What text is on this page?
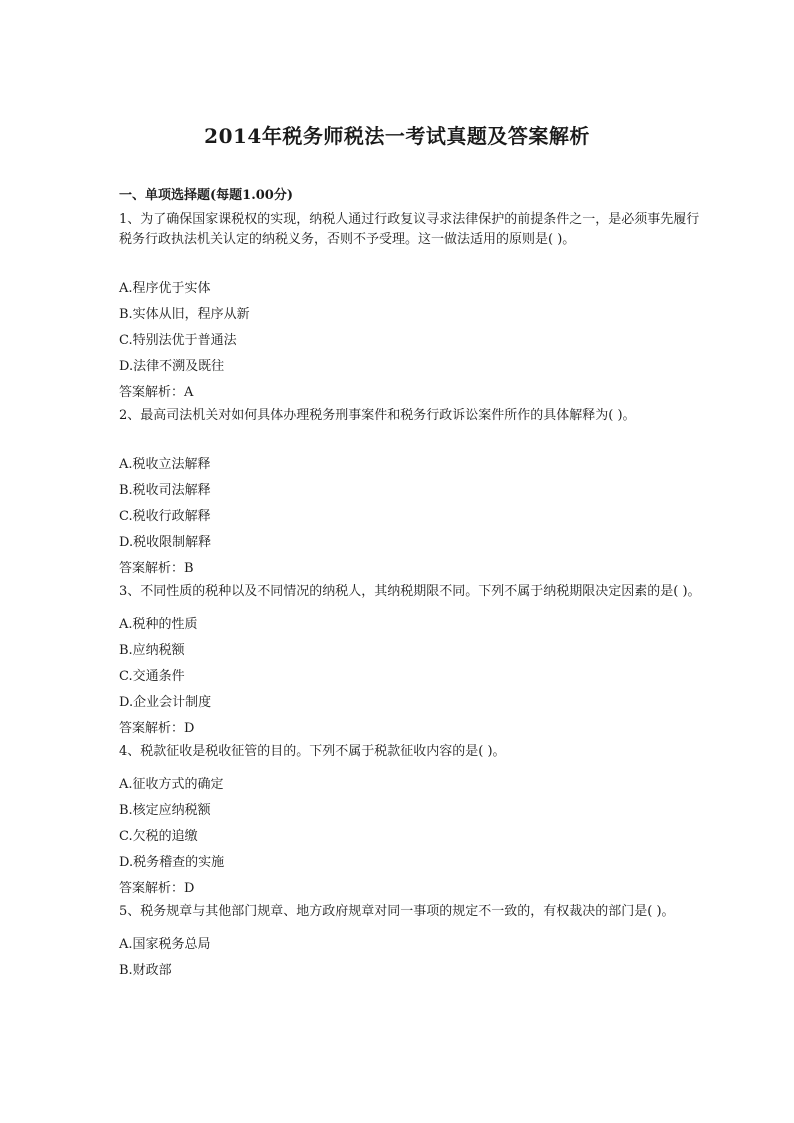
2014年税务师税法一考试真题及答案解析
一、单项选择题(每题1.00分)

1、为了确保国家课税权的实现，纳税人通过行政复议寻求法律保护的前提条件之一，是必须事先履行税务行政执法机关认定的纳税义务，否则不予受理。这一做法适用的原则是( )。

A.程序优于实体

B.实体从旧，程序从新

C.特别法优于普通法

D.法律不溯及既往

答案解析：A

2、最高司法机关对如何具体办理税务刑事案件和税务行政诉讼案件所作的具体解释为( )。

A.税收立法解释

B.税收司法解释

C.税收行政解释

D.税收限制解释

答案解析：B

3、不同性质的税种以及不同情况的纳税人，其纳税期限不同。下列不属于纳税期限决定因素的是( )。

A.税种的性质

B.应纳税额

C.交通条件

D.企业会计制度

答案解析：D

4、税款征收是税收征管的目的。下列不属于税款征收内容的是( )。

A.征收方式的确定

B.核定应纳税额

C.欠税的追缴

D.税务稽查的实施

答案解析：D

5、税务规章与其他部门规章、地方政府规章对同一事项的规定不一致的，有权裁决的部门是( )。

A.国家税务总局

B.财政部
